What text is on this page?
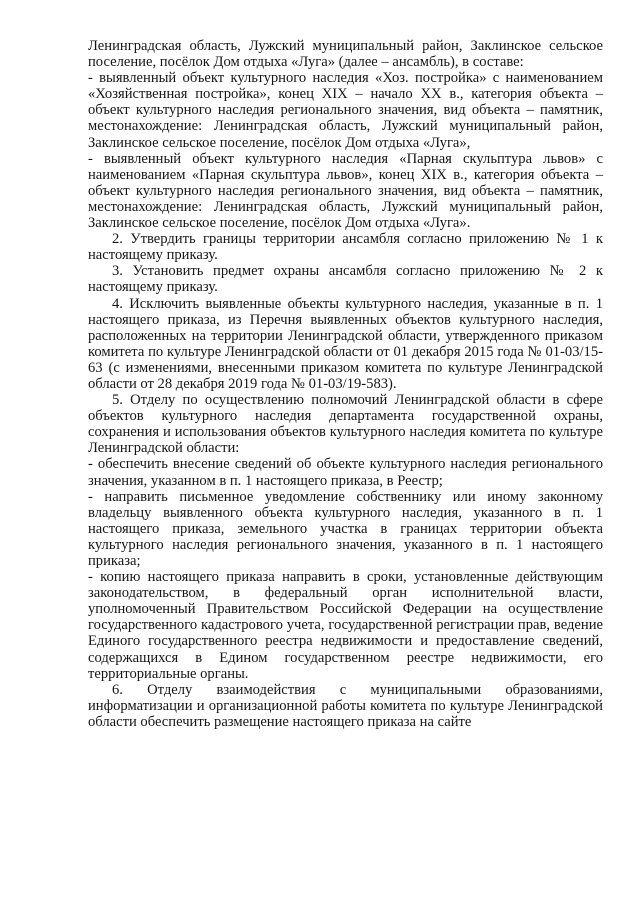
Ленинградская область, Лужский муниципальный район, Заклинское сельское поселение, посёлок Дом отдыха «Луга» (далее – ансамбль), в составе:

- выявленный объект культурного наследия «Хоз. постройка» с наименованием «Хозяйственная постройка», конец XIX – начало XX в., категория объекта – объект культурного наследия регионального значения, вид объекта – памятник, местонахождение: Ленинградская область, Лужский муниципальный район, Заклинское сельское поселение, посёлок Дом отдыха «Луга»,

- выявленный объект культурного наследия «Парная скульптура львов» с наименованием «Парная скульптура львов», конец XIX в., категория объекта – объект культурного наследия регионального значения, вид объекта – памятник, местонахождение: Ленинградская область, Лужский муниципальный район, Заклинское сельское поселение, посёлок Дом отдыха «Луга».

2. Утвердить границы территории ансамбля согласно приложению № 1 к настоящему приказу.

3. Установить предмет охраны ансамбля согласно приложению № 2 к настоящему приказу.

4. Исключить выявленные объекты культурного наследия, указанные в п. 1 настоящего приказа, из Перечня выявленных объектов культурного наследия, расположенных на территории Ленинградской области, утвержденного приказом комитета по культуре Ленинградской области от 01 декабря 2015 года № 01-03/15-63 (с изменениями, внесенными приказом комитета по культуре Ленинградской области от 28 декабря 2019 года № 01-03/19-583).

5. Отделу по осуществлению полномочий Ленинградской области в сфере объектов культурного наследия департамента государственной охраны, сохранения и использования объектов культурного наследия комитета по культуре Ленинградской области:

- обеспечить внесение сведений об объекте культурного наследия регионального значения, указанном в п. 1 настоящего приказа, в Реестр;

- направить письменное уведомление собственнику или иному законному владельцу выявленного объекта культурного наследия, указанного в п. 1 настоящего приказа, земельного участка в границах территории объекта культурного наследия регионального значения, указанного в п. 1 настоящего приказа;

- копию настоящего приказа направить в сроки, установленные действующим законодательством, в федеральный орган исполнительной власти, уполномоченный Правительством Российской Федерации на осуществление государственного кадастрового учета, государственной регистрации прав, ведение Единого государственного реестра недвижимости и предоставление сведений, содержащихся в Едином государственном реестре недвижимости, его территориальные органы.

6. Отделу взаимодействия с муниципальными образованиями, информатизации и организационной работы комитета по культуре Ленинградской области обеспечить размещение настоящего приказа на сайте
